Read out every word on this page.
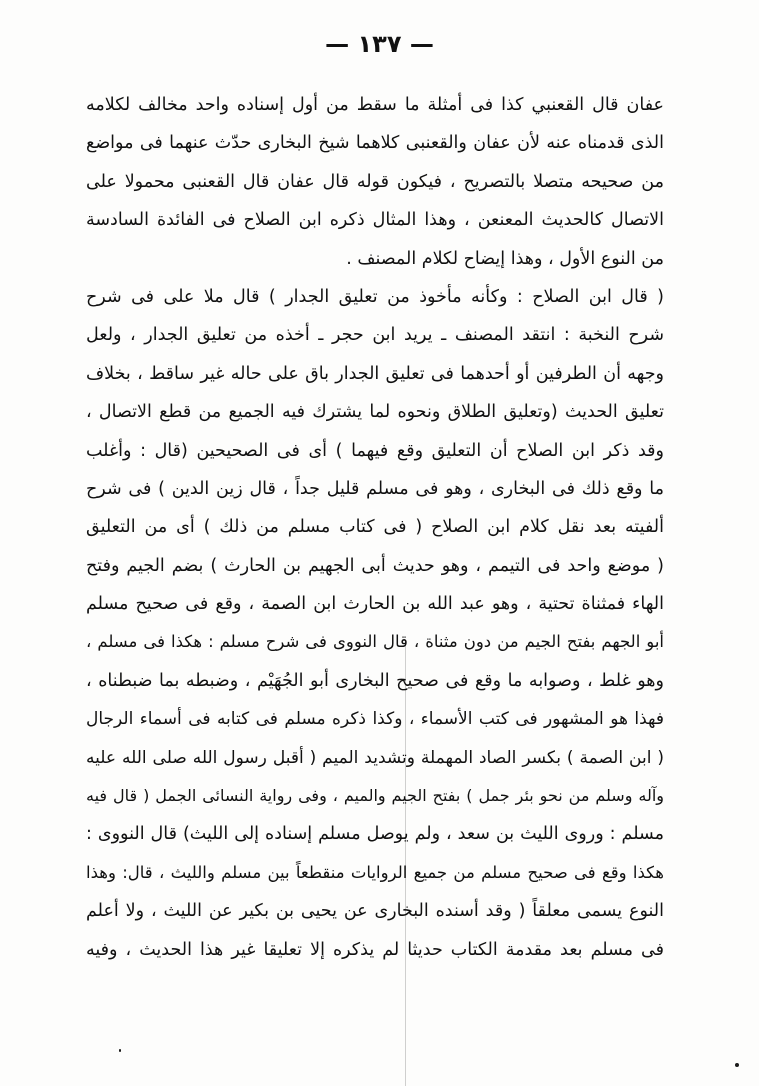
— ١٣٧ —
عفان قال القعنبي كذا فى أمثلة ما سقط من أول إسناده واحد مخالف لكلامه
الذى قدمناه عنه لأن عفان والقعنبى كلاهما شيخ البخارى حدّث عنهما فى مواضع
من صحيحه متصلا بالتصريح ، فيكون قوله قال عفان قال القعنبى محمولا على
الاتصال كالحديث المعنعن ، وهذا المثال ذكره ابن الصلاح فى الفائدة السادسة
من النوع الأول ، وهذا إيضاح لكلام المصنف .
( قال ابن الصلاح : وكأنه مأخوذ من تعليق الجدار ) قال ملا على فى شرح
شرح النخبة : انتقد المصنف ـ يريد ابن حجر ـ أخذه من تعليق الجدار ، ولعل
وجهه أن الطرفين أو أحدهما فى تعليق الجدار باق على حاله غير ساقط ، بخلاف
تعليق الحديث (وتعليق الطلاق ونحوه لما يشترك فيه الجميع من قطع الاتصال ،
وقد ذكر ابن الصلاح أن التعليق وقع فيهما ) أى فى الصحيحين (قال : وأغلب
ما وقع ذلك فى البخارى ، وهو فى مسلم قليل جداً ، قال زين الدين ) فى شرح
ألفيته بعد نقل كلام ابن الصلاح ( فى كتاب مسلم من ذلك ) أى من التعليق
( موضع واحد فى التيمم ، وهو حديث أبى الجهيم بن الحارث ) بضم الجيم وفتح
الهاء فمثناة تحتية ، وهو عبد الله بن الحارث ابن الصمة ، وقع فى صحيح مسلم
أبو الجهم بفتح الجيم من دون مثناة ، قال النووى فى شرح مسلم : هكذا فى مسلم ،
وهو غلط ، وصوابه ما وقع فى صحيح البخارى أبو الجُهَيْم ، وضبطه بما ضبطناه ،
فهذا هو المشهور فى كتب الأسماء ، وكذا ذكره مسلم فى كتابه فى أسماء الرجال
( ابن الصمة ) بكسر الصاد المهملة وتشديد الميم ( أقبل رسول الله صلى الله عليه
وآله وسلم من نحو بئر جمل ) بفتح الجيم والميم ، وفى رواية النسائى الجمل ( قال فيه
مسلم : وروى الليث بن سعد ، ولم يوصل مسلم إسناده إلى الليث) قال النووى :
هكذا وقع فى صحيح مسلم من جميع الروايات منقطعاً بين مسلم والليث ، قال: وهذا
النوع يسمى معلقاً ( وقد أسنده البخارى عن يحيى بن بكير عن الليث ، ولا أعلم
فى مسلم بعد مقدمة الكتاب حديثا لم يذكره إلا تعليقا غير هذا الحديث ، وفيه
